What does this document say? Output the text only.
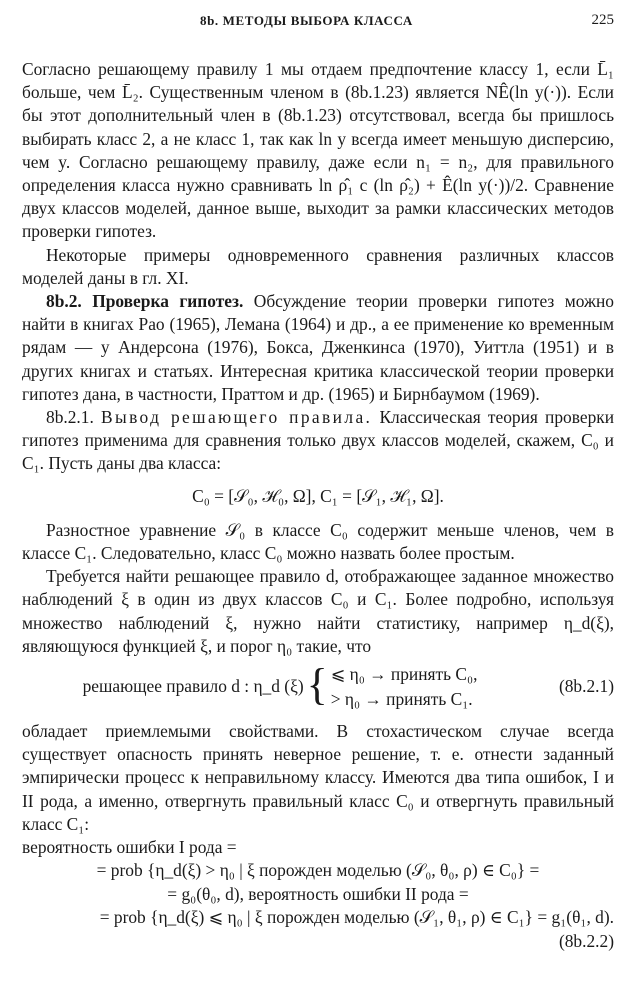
8b. МЕТОДЫ ВЫБОРА КЛАССА	225

Согласно решающему правилу 1 мы отдаем предпочтение классу 1, если L̄₁ больше, чем L̄₂. Существенным членом в (8b.1.23) является NÊ(ln y(·)). Если бы этот дополнительный член в (8b.1.23) отсутствовал, всегда бы пришлось выбирать класс 2, а не класс 1, так как ln y всегда имеет меньшую дисперсию, чем y. Согласно решающему правилу, даже если n₁ = n₂, для правильного определения класса нужно сравнивать ln ρ̂₁ с (ln ρ̂₂) + Ê(ln y(·))/2. Сравнение двух классов моделей, данное выше, выходит за рамки классических методов проверки гипотез.

Некоторые примеры одновременного сравнения различных классов моделей даны в гл. XI.

8b.2. Проверка гипотез. Обсуждение теории проверки гипотез можно найти в книгах Рао (1965), Лемана (1964) и др., а ее применение ко временным рядам — у Андерсона (1976), Бокса, Дженкинса (1970), Уиттла (1951) и в других книгах и статьях. Интересная критика классической теории проверки гипотез дана, в частности, Праттом и др. (1965) и Бирнбаумом (1969).

8b.2.1. Вывод решающего правила. Классическая теория проверки гипотез применима для сравнения только двух классов моделей, скажем, C₀ и C₁. Пусть даны два класса:

C₀ = [𝒮₀, ℋ₀, Ω], C₁ = [𝒮₁, ℋ₁, Ω].

Разностное уравнение 𝒮₀ в классе C₀ содержит меньше членов, чем в классе C₁. Следовательно, класс C₀ можно назвать более простым.

Требуется найти решающее правило d, отображающее заданное множество наблюдений ξ в один из двух классов C₀ и C₁. Более подробно, используя множество наблюдений ξ, нужно найти статистику, например η_d(ξ), являющуюся функцией ξ, и порог η₀ такие, что

решающее правило d : η_d (ξ) { ⩽ η₀ → принять C₀,
> η₀ → принять C₁.
(8b.2.1)

обладает приемлемыми свойствами. В стохастическом случае всегда существует опасность принять неверное решение, т. е. отнести заданный эмпирически процесс к неправильному классу. Имеются два типа ошибок, I и II рода, а именно, отвергнуть правильный класс C₀ и отвергнуть правильный класс C₁:

вероятность ошибки I рода =
= prob {η_d(ξ) > η₀ | ξ порожден моделью (𝒮₀, θ₀, ρ) ∈ C₀} =
= g₀(θ₀, d), вероятность ошибки II рода =
= prob {η_d(ξ) ⩽ η₀ | ξ порожден моделью (𝒮₁, θ₁, ρ) ∈ C₁} = g₁(θ₁, d).
(8b.2.2)
